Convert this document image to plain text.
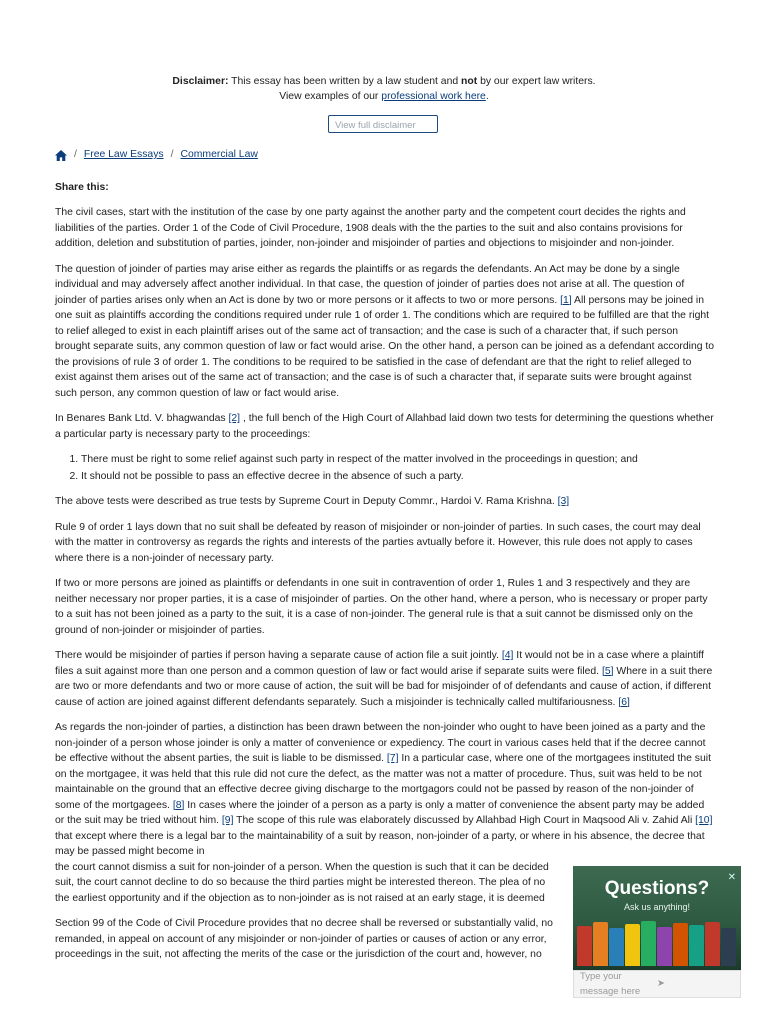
Disclaimer: This essay has been written by a law student and not by our expert law writers. View examples of our professional work here.
View full disclaimer
/ Free Law Essays / Commercial Law
Share this:

The civil cases, start with the institution of the case by one party against the another party and the competent court decides the rights and liabilities of the parties. Order 1 of the Code of Civil Procedure, 1908 deals with the the parties to the suit and also contains provisions for addition, deletion and substitution of parties, joinder, non-joinder and misjoinder of parties and objections to misjoinder and non-joinder.

The question of joinder of parties may arise either as regards the plaintiffs or as regards the defendants. An Act may be done by a single individual and may adversely affect another individual. In that case, the question of joinder of parties does not arise at all. The question of joinder of parties arises only when an Act is done by two or more persons or it affects to two or more persons. [1] All persons may be joined in one suit as plaintiffs according the conditions required under rule 1 of order 1. The conditions which are required to be fulfilled are that the right to relief alleged to exist in each plaintiff arises out of the same act of transaction; and the case is such of a character that, if such person brought separate suits, any common question of law or fact would arise. On the other hand, a person can be joined as a defendant according to the provisions of rule 3 of order 1. The conditions to be required to be satisfied in the case of defendant are that the right to relief alleged to exist against them arises out of the same act of transaction; and the case is of such a character that, if separate suits were brought against such person, any common question of law or fact would arise.

In Benares Bank Ltd. V. bhagwandas [2] , the full bench of the High Court of Allahbad laid down two tests for determining the questions whether a particular party is necessary party to the proceedings:

1. There must be right to some relief against such party in respect of the matter involved in the proceedings in question; and
2. It should not be possible to pass an effective decree in the absence of such a party.

The above tests were described as true tests by Supreme Court in Deputy Commr., Hardoi V. Rama Krishna. [3]

Rule 9 of order 1 lays down that no suit shall be defeated by reason of misjoinder or non-joinder of parties. In such cases, the court may deal with the matter in controversy as regards the rights and interests of the parties avtually before it. However, this rule does not apply to cases where there is a non-joinder of necessary party.

If two or more persons are joined as plaintiffs or defendants in one suit in contravention of order 1, Rules 1 and 3 respectively and they are neither necessary nor proper parties, it is a case of misjoinder of parties. On the other hand, where a person, who is necessary or proper party to a suit has not been joined as a party to the suit, it is a case of non-joinder. The general rule is that a suit cannot be dismissed only on the ground of non-joinder or misjoinder of parties.

There would be misjoinder of parties if person having a separate cause of action file a suit jointly. [4] It would not be in a case where a plaintiff files a suit against more than one person and a common question of law or fact would arise if separate suits were filed. [5] Where in a suit there are two or more defendants and two or more cause of action, the suit will be bad for misjoinder of of defendants and cause of action, if different cause of action are joined against different defendants separately. Such a misjoinder is technically called multifariousness. [6]

As regards the non-joinder of parties, a distinction has been drawn between the non-joinder who ought to have been joined as a party and the non-joinder of a person whose joinder is only a matter of convenience or expediency. The court in various cases held that if the decree cannot be effective without the absent parties, the suit is liable to be dismissed. [7] In a particular case, where one of the mortgagees instituted the suit on the mortgagee, it was held that this rule did not cure the defect, as the matter was not a matter of procedure. Thus, suit was held to be not maintainable on the ground that an effective decree giving discharge to the mortgagors could not be passed by reason of the non-joinder of some of the mortgagees. [8] In cases where the joinder of a person as a party is only a matter of convenience the absent party may be added or the suit may be tried without him. [9] The scope of this rule was elaborately discussed by Allahbad High Court in Maqsood Ali v. Zahid Ali [10] that except where there is a legal bar to the maintainability of a suit by reason, non-joinder of a party, or where in his absence, the decree that may be passed might become in
the court cannot dismiss a suit for non-joinder of a person. When the question is such that it can be decided
suit, the court cannot decline to do so because the third parties might be interested thereon. The plea of no
the earliest opportunity and if the objection as to non-joinder as is not raised at an early stage, it is deemed

Section 99 of the Code of Civil Procedure provides that no decree shall be reversed or substantially valid, no
remanded, in appeal on account of any misjoinder or non-joinder of parties or causes of action or any error,
proceedings in the suit, not affecting the merits of the case or the jurisdiction of the court and, however, no

✕
Questions?
Ask us anything!
Type your message here
➤
